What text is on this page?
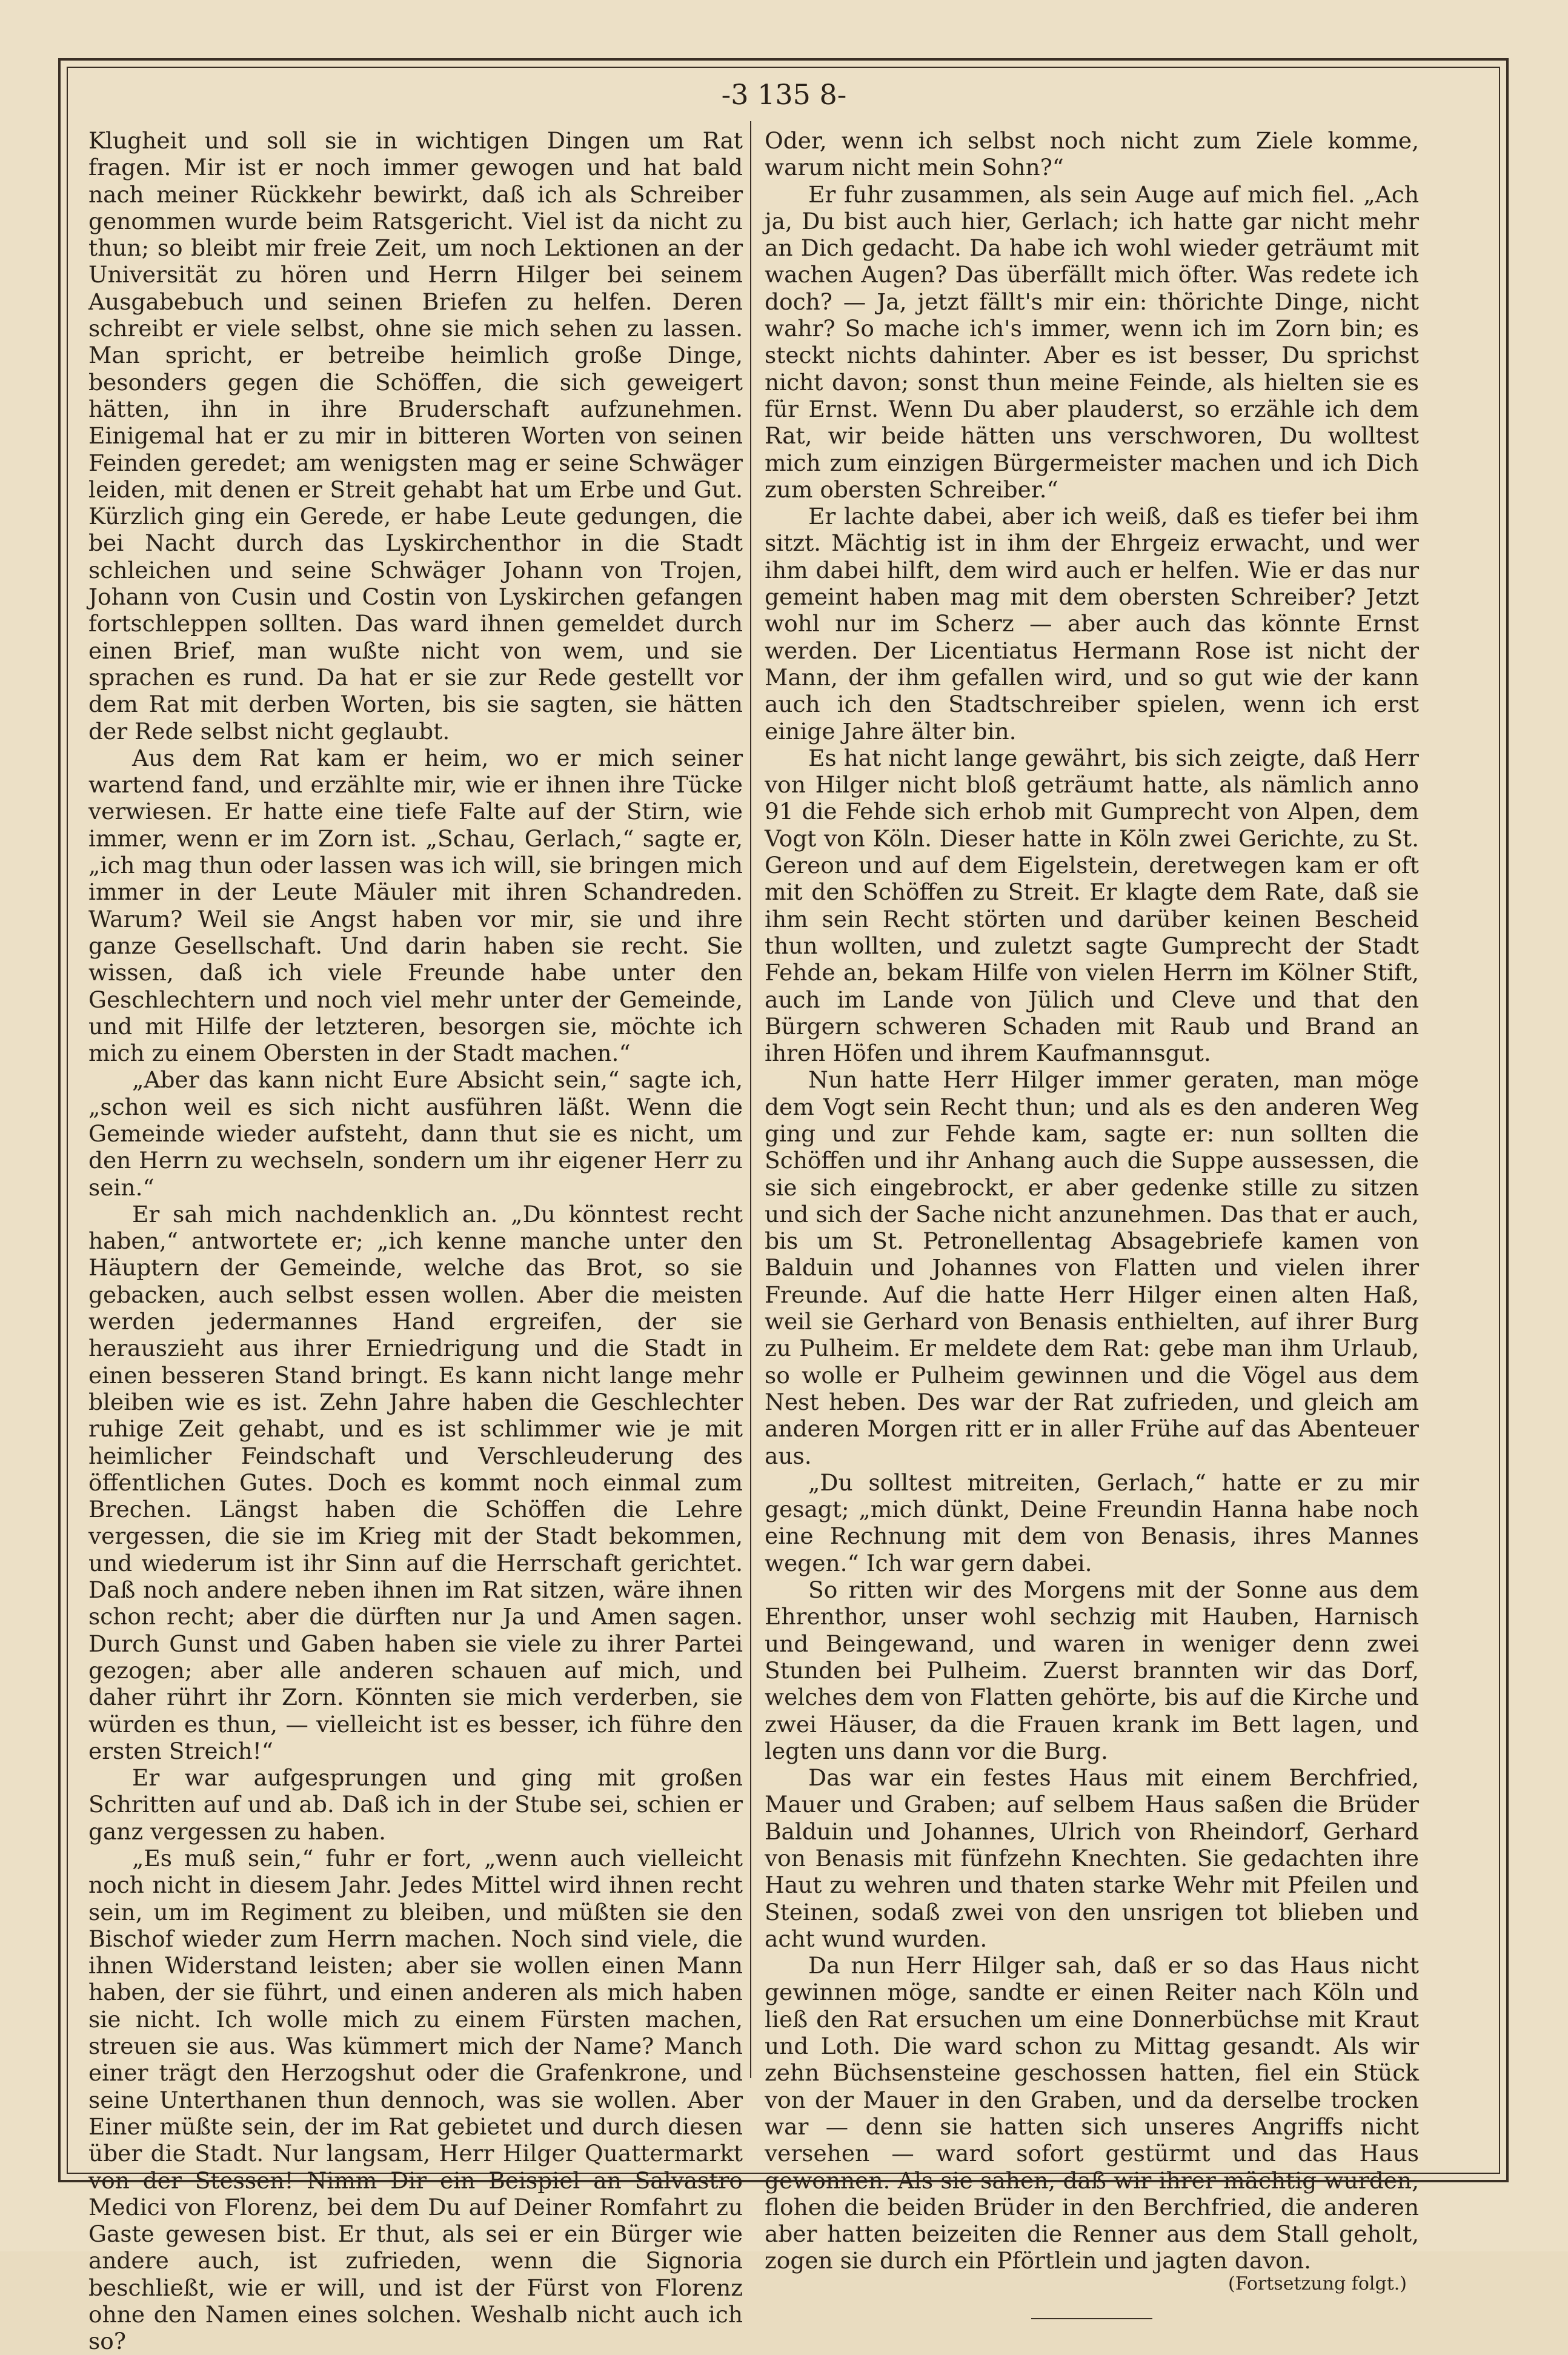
-3 135 8-

Klugheit und soll sie in wichtigen Dingen um Rat fragen. Mir ist er noch immer gewogen und hat bald nach meiner Rückkehr bewirkt, daß ich als Schreiber genommen wurde beim Ratsgericht. Viel ist da nicht zu thun; so bleibt mir freie Zeit, um noch Lektionen an der Universität zu hören und Herrn Hilger bei seinem Ausgabebuch und seinen Briefen zu helfen. Deren schreibt er viele selbst, ohne sie mich sehen zu lassen. Man spricht, er betreibe heimlich große Dinge, besonders gegen die Schöffen, die sich geweigert hätten, ihn in ihre Bruderschaft aufzunehmen. Einigemal hat er zu mir in bitteren Worten von seinen Feinden geredet; am wenigsten mag er seine Schwäger leiden, mit denen er Streit gehabt hat um Erbe und Gut. Kürzlich ging ein Gerede, er habe Leute gedungen, die bei Nacht durch das Lyskirchenthor in die Stadt schleichen und seine Schwäger Johann von Trojen, Johann von Cusin und Costin von Lyskirchen gefangen fortschleppen sollten. Das ward ihnen gemeldet durch einen Brief, man wußte nicht von wem, und sie sprachen es rund. Da hat er sie zur Rede gestellt vor dem Rat mit derben Worten, bis sie sagten, sie hätten der Rede selbst nicht geglaubt.

Aus dem Rat kam er heim, wo er mich seiner wartend fand, und erzählte mir, wie er ihnen ihre Tücke verwiesen. Er hatte eine tiefe Falte auf der Stirn, wie immer, wenn er im Zorn ist. „Schau, Gerlach,“ sagte er, „ich mag thun oder lassen was ich will, sie bringen mich immer in der Leute Mäuler mit ihren Schandreden. Warum? Weil sie Angst haben vor mir, sie und ihre ganze Gesellschaft. Und darin haben sie recht. Sie wissen, daß ich viele Freunde habe unter den Geschlechtern und noch viel mehr unter der Gemeinde, und mit Hilfe der letzteren, besorgen sie, möchte ich mich zu einem Obersten in der Stadt machen.“

„Aber das kann nicht Eure Absicht sein,“ sagte ich, „schon weil es sich nicht ausführen läßt. Wenn die Gemeinde wieder aufsteht, dann thut sie es nicht, um den Herrn zu wechseln, sondern um ihr eigener Herr zu sein.“

Er sah mich nachdenklich an. „Du könntest recht haben,“ antwortete er; „ich kenne manche unter den Häuptern der Gemeinde, welche das Brot, so sie gebacken, auch selbst essen wollen. Aber die meisten werden jedermannes Hand ergreifen, der sie herauszieht aus ihrer Erniedrigung und die Stadt in einen besseren Stand bringt. Es kann nicht lange mehr bleiben wie es ist. Zehn Jahre haben die Geschlechter ruhige Zeit gehabt, und es ist schlimmer wie je mit heimlicher Feindschaft und Verschleuderung des öffentlichen Gutes. Doch es kommt noch einmal zum Brechen. Längst haben die Schöffen die Lehre vergessen, die sie im Krieg mit der Stadt bekommen, und wiederum ist ihr Sinn auf die Herrschaft gerichtet. Daß noch andere neben ihnen im Rat sitzen, wäre ihnen schon recht; aber die dürften nur Ja und Amen sagen. Durch Gunst und Gaben haben sie viele zu ihrer Partei gezogen; aber alle anderen schauen auf mich, und daher rührt ihr Zorn. Könnten sie mich verderben, sie würden es thun, — vielleicht ist es besser, ich führe den ersten Streich!“

Er war aufgesprungen und ging mit großen Schritten auf und ab. Daß ich in der Stube sei, schien er ganz vergessen zu haben.

„Es muß sein,“ fuhr er fort, „wenn auch vielleicht noch nicht in diesem Jahr. Jedes Mittel wird ihnen recht sein, um im Regiment zu bleiben, und müßten sie den Bischof wieder zum Herrn machen. Noch sind viele, die ihnen Widerstand leisten; aber sie wollen einen Mann haben, der sie führt, und einen anderen als mich haben sie nicht. Ich wolle mich zu einem Fürsten machen, streuen sie aus. Was kümmert mich der Name? Manch einer trägt den Herzogshut oder die Grafenkrone, und seine Unterthanen thun dennoch, was sie wollen. Aber Einer müßte sein, der im Rat gebietet und durch diesen über die Stadt. Nur langsam, Herr Hilger Quattermarkt von der Stessen! Nimm Dir ein Beispiel an Salvastro Medici von Florenz, bei dem Du auf Deiner Romfahrt zu Gaste gewesen bist. Er thut, als sei er ein Bürger wie andere auch, ist zufrieden, wenn die Signoria beschließt, wie er will, und ist der Fürst von Florenz ohne den Namen eines solchen. Weshalb nicht auch ich so?

Oder, wenn ich selbst noch nicht zum Ziele komme, warum nicht mein Sohn?“

Er fuhr zusammen, als sein Auge auf mich fiel. „Ach ja, Du bist auch hier, Gerlach; ich hatte gar nicht mehr an Dich gedacht. Da habe ich wohl wieder geträumt mit wachen Augen? Das überfällt mich öfter. Was redete ich doch? — Ja, jetzt fällt's mir ein: thörichte Dinge, nicht wahr? So mache ich's immer, wenn ich im Zorn bin; es steckt nichts dahinter. Aber es ist besser, Du sprichst nicht davon; sonst thun meine Feinde, als hielten sie es für Ernst. Wenn Du aber plauderst, so erzähle ich dem Rat, wir beide hätten uns verschworen, Du wolltest mich zum einzigen Bürgermeister machen und ich Dich zum obersten Schreiber.“

Er lachte dabei, aber ich weiß, daß es tiefer bei ihm sitzt. Mächtig ist in ihm der Ehrgeiz erwacht, und wer ihm dabei hilft, dem wird auch er helfen. Wie er das nur gemeint haben mag mit dem obersten Schreiber? Jetzt wohl nur im Scherz — aber auch das könnte Ernst werden. Der Licentiatus Hermann Rose ist nicht der Mann, der ihm gefallen wird, und so gut wie der kann auch ich den Stadtschreiber spielen, wenn ich erst einige Jahre älter bin.

Es hat nicht lange gewährt, bis sich zeigte, daß Herr von Hilger nicht bloß geträumt hatte, als nämlich anno 91 die Fehde sich erhob mit Gumprecht von Alpen, dem Vogt von Köln. Dieser hatte in Köln zwei Gerichte, zu St. Gereon und auf dem Eigelstein, deretwegen kam er oft mit den Schöffen zu Streit. Er klagte dem Rate, daß sie ihm sein Recht störten und darüber keinen Bescheid thun wollten, und zuletzt sagte Gumprecht der Stadt Fehde an, bekam Hilfe von vielen Herrn im Kölner Stift, auch im Lande von Jülich und Cleve und that den Bürgern schweren Schaden mit Raub und Brand an ihren Höfen und ihrem Kaufmannsgut.

Nun hatte Herr Hilger immer geraten, man möge dem Vogt sein Recht thun; und als es den anderen Weg ging und zur Fehde kam, sagte er: nun sollten die Schöffen und ihr Anhang auch die Suppe aussessen, die sie sich eingebrockt, er aber gedenke stille zu sitzen und sich der Sache nicht anzunehmen. Das that er auch, bis um St. Petronellentag Absagebriefe kamen von Balduin und Johannes von Flatten und vielen ihrer Freunde. Auf die hatte Herr Hilger einen alten Haß, weil sie Gerhard von Benasis enthielten, auf ihrer Burg zu Pulheim. Er meldete dem Rat: gebe man ihm Urlaub, so wolle er Pulheim gewinnen und die Vögel aus dem Nest heben. Des war der Rat zufrieden, und gleich am anderen Morgen ritt er in aller Frühe auf das Abenteuer aus.

„Du solltest mitreiten, Gerlach,“ hatte er zu mir gesagt; „mich dünkt, Deine Freundin Hanna habe noch eine Rechnung mit dem von Benasis, ihres Mannes wegen.“ Ich war gern dabei.

So ritten wir des Morgens mit der Sonne aus dem Ehrenthor, unser wohl sechzig mit Hauben, Harnisch und Beingewand, und waren in weniger denn zwei Stunden bei Pulheim. Zuerst brannten wir das Dorf, welches dem von Flatten gehörte, bis auf die Kirche und zwei Häuser, da die Frauen krank im Bett lagen, und legten uns dann vor die Burg.

Das war ein festes Haus mit einem Berchfried, Mauer und Graben; auf selbem Haus saßen die Brüder Balduin und Johannes, Ulrich von Rheindorf, Gerhard von Benasis mit fünfzehn Knechten. Sie gedachten ihre Haut zu wehren und thaten starke Wehr mit Pfeilen und Steinen, sodaß zwei von den unsrigen tot blieben und acht wund wurden.

Da nun Herr Hilger sah, daß er so das Haus nicht gewinnen möge, sandte er einen Reiter nach Köln und ließ den Rat ersuchen um eine Donnerbüchse mit Kraut und Loth. Die ward schon zu Mittag gesandt. Als wir zehn Büchsensteine geschossen hatten, fiel ein Stück von der Mauer in den Graben, und da derselbe trocken war — denn sie hatten sich unseres Angriffs nicht versehen — ward sofort gestürmt und das Haus gewonnen. Als sie sahen, daß wir ihrer mächtig wurden, flohen die beiden Brüder in den Berchfried, die anderen aber hatten beizeiten die Renner aus dem Stall geholt, zogen sie durch ein Pförtlein und jagten davon.

(Fortsetzung folgt.)
